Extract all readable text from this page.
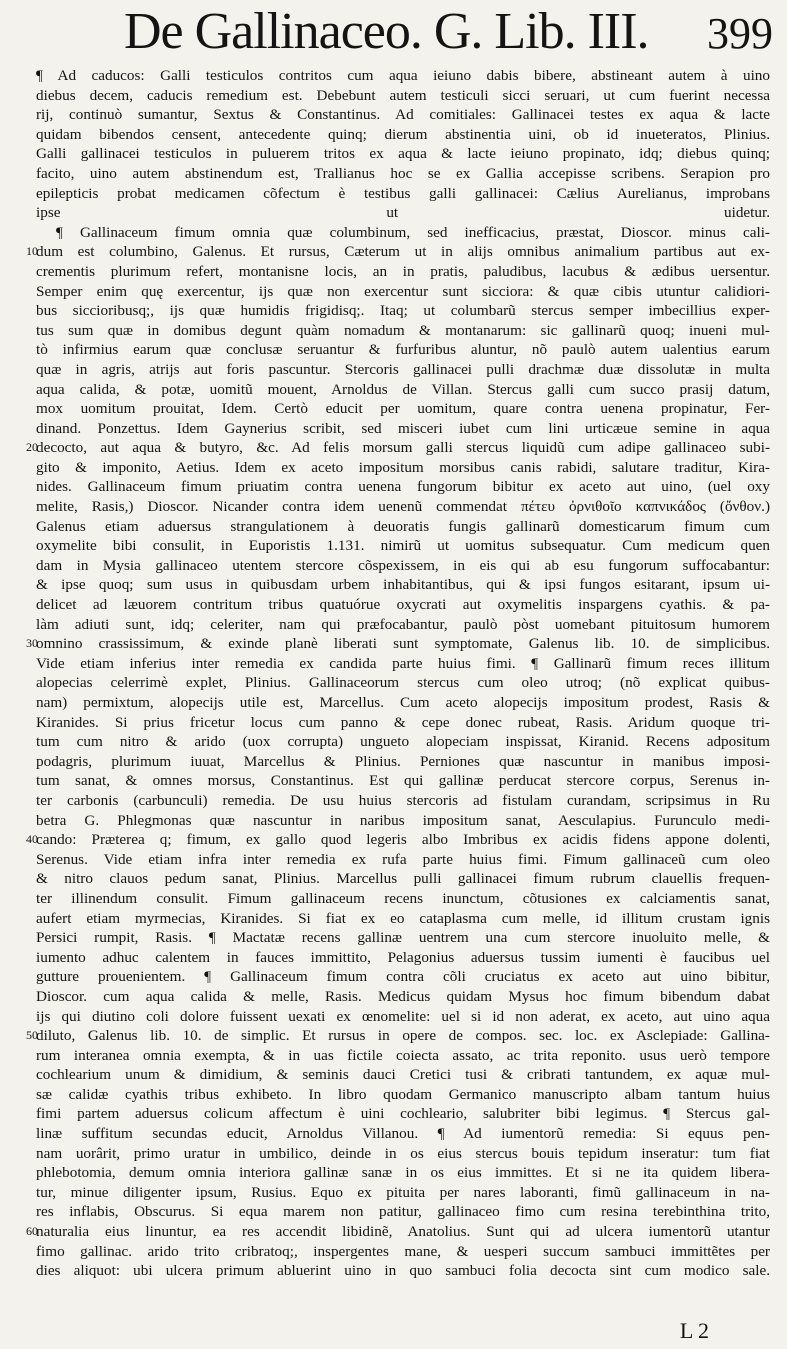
De Gallinaceo. G. Lib. III. 399
¶ Ad caducos: Galli testiculos contritos cum aqua ieiuno dabis bibere, abstineant autem à uino
diebus decem, caducis remedium est. Debebunt autem testiculi sicci seruari, ut cum fuerint necessa
rij, continuò sumantur, Sextus & Constantinus. Ad comitiales: Gallinacei testes ex aqua & lacte
quidam bibendos censent, antecedente quinq; dierum abstinentia uini, ob id inueteratos, Plinius.
Galli gallinacei testiculos in puluerem tritos ex aqua & lacte ieiuno propinato, idq; diebus quinq;
facito, uino autem abstinendum est, Trallianus hoc se ex Gallia accepisse scribens. Serapion pro
epilepticis probat medicamen cõfectum è testibus galli gallinacei: Cælius Aurelianus, improbans
ipse ut uidetur.
¶ Gallinaceum fimum omnia quæ columbinum, sed inefficacius, præstat, Dioscor. minus cali-
10
dum est columbino, Galenus. Et rursus, Cæterum ut in alijs omnibus animalium partibus aut ex-
crementis plurimum refert, montanisne locis, an in pratis, paludibus, lacubus & ædibus uersentur.
Semper enim quę exercentur, ijs quæ non exercentur sunt sicciora: & quæ cibis utuntur calidiori-
bus siccioribusq;, ijs quæ humidis frigidisq;. Itaq; ut columbarũ stercus semper imbecillius exper-
tus sum quæ in domibus degunt quàm nomadum & montanarum: sic gallinarũ quoq; inueni mul-
tò infirmius earum quæ conclusæ seruantur & furfuribus aluntur, nõ paulò autem ualentius earum
quæ in agris, atrijs aut foris pascuntur. Stercoris gallinacei pulli drachmæ duæ dissolutæ in multa
aqua calida, & potæ, uomitũ mouent, Arnoldus de Villan. Stercus galli cum succo prasij datum,
mox uomitum prouitat, Idem. Certò educit per uomitum, quare contra uenena propinatur, Fer-
dinand. Ponzettus. Idem Gaynerius scribit, sed misceri iubet cum lini urticæue semine in aqua
20
decocto, aut aqua & butyro, &c. Ad felis morsum galli stercus liquidũ cum adipe gallinaceo subi-
gito & imponito, Aetius. Idem ex aceto impositum morsibus canis rabidi, salutare traditur, Kira-
nides. Gallinaceum fimum priuatim contra uenena fungorum bibitur ex aceto aut uino, (uel oxy
melite, Rasis,) Dioscor. Nicander contra idem uenenũ commendat πέτευ ὀρνιθοῖο καπνικάδος (ὄνθον.)
Galenus etiam aduersus strangulationem à deuoratis fungis gallinarũ domesticarum fimum cum
oxymelite bibi consulit, in Euporistis 1.131. nimirũ ut uomitus subsequatur. Cum medicum quen
dam in Mysia gallinaceo utentem stercore cõspexissem, in eis qui ab esu fungorum suffocabantur:
& ipse quoq; sum usus in quibusdam urbem inhabitantibus, qui & ipsi fungos esitarant, ipsum ui-
delicet ad læuorem contritum tribus quatuórue oxycrati aut oxymelitis inspargens cyathis. & pa-
làm adiuti sunt, idq; celeriter, nam qui præfocabantur, paulò pòst uomebant pituitosum humorem
30
omnino crassissimum, & exinde planè liberati sunt symptomate, Galenus lib. 10. de simplicibus.
Vide etiam inferius inter remedia ex candida parte huius fimi. ¶ Gallinarũ fimum reces illitum
alopecias celerrimè explet, Plinius. Gallinaceorum stercus cum oleo utroq; (nõ explicat quibus-
nam) permixtum, alopecijs utile est, Marcellus. Cum aceto alopecijs impositum prodest, Rasis &
Kiranides. Si prius fricetur locus cum panno & cepe donec rubeat, Rasis. Aridum quoque tri-
tum cum nitro & arido (uox corrupta) ungueto alopeciam inspissat, Kiranid. Recens adpositum
podagris, plurimum iuuat, Marcellus & Plinius. Perniones quæ nascuntur in manibus imposi-
tum sanat, & omnes morsus, Constantinus. Est qui gallinæ perducat stercore corpus, Serenus in-
ter carbonis (carbunculi) remedia. De usu huius stercoris ad fistulam curandam, scripsimus in Ru
betra G. Phlegmonas quæ nascuntur in naribus impositum sanat, Aesculapius. Furunculo medi-
40
cando: Præterea q; fimum, ex gallo quod legeris albo Imbribus ex acidis fidens appone dolenti,
Serenus. Vide etiam infra inter remedia ex rufa parte huius fimi. Fimum gallinaceũ cum oleo
& nitro clauos pedum sanat, Plinius. Marcellus pulli gallinacei fimum rubrum clauellis frequen-
ter illinendum consulit. Fimum gallinaceum recens inunctum, cõtusiones ex calciamentis sanat,
aufert etiam myrmecias, Kiranides. Si fiat ex eo cataplasma cum melle, id illitum crustam ignis
Persici rumpit, Rasis. ¶ Mactatæ recens gallinæ uentrem una cum stercore inuoluito melle, &
iumento adhuc calentem in fauces immittito, Pelagonius aduersus tussim iumenti è faucibus uel
gutture prouenientem. ¶ Gallinaceum fimum contra cõli cruciatus ex aceto aut uino bibitur,
Dioscor. cum aqua calida & melle, Rasis. Medicus quidam Mysus hoc fimum bibendum dabat
ijs qui diutino coli dolore fuissent uexati ex œnomelite: uel si id non aderat, ex aceto, aut uino aqua
50
diluto, Galenus lib. 10. de simplic. Et rursus in opere de compos. sec. loc. ex Asclepiade: Gallina-
rum interanea omnia exempta, & in uas fictile coiecta assato, ac trita reponito. usus uerò tempore
cochlearium unum & dimidium, & seminis dauci Cretici tusi & cribrati tantundem, ex aquæ mul-
sæ calidæ cyathis tribus exhibeto. In libro quodam Germanico manuscripto albam tantum huius
fimi partem aduersus colicum affectum è uini cochleario, salubriter bibi legimus. ¶ Stercus gal-
linæ suffitum secundas educit, Arnoldus Villanou. ¶ Ad iumentorũ remedia: Si equus pen-
nam uorârit, primo uratur in umbilico, deinde in os eius stercus bouis tepidum inseratur: tum fiat
phlebotomia, demum omnia interiora gallinæ sanæ in os eius immittes. Et si ne ita quidem libera-
tur, minue diligenter ipsum, Rusius. Equo ex pituita per nares laboranti, fimũ gallinaceum in na-
res inflabis, Obscurus. Si equa marem non patitur, gallinaceo fimo cum resina terebinthina trito,
60
naturalia eius linuntur, ea res accendit libidinẽ, Anatolius. Sunt qui ad ulcera iumentorũ utantur
fimo gallinac. arido trito cribratoq;, inspergentes mane, & uesperi succum sambuci immittẽtes per
dies aliquot: ubi ulcera primum abluerint uino in quo sambuci folia decocta sint cum modico sale.
L 2
